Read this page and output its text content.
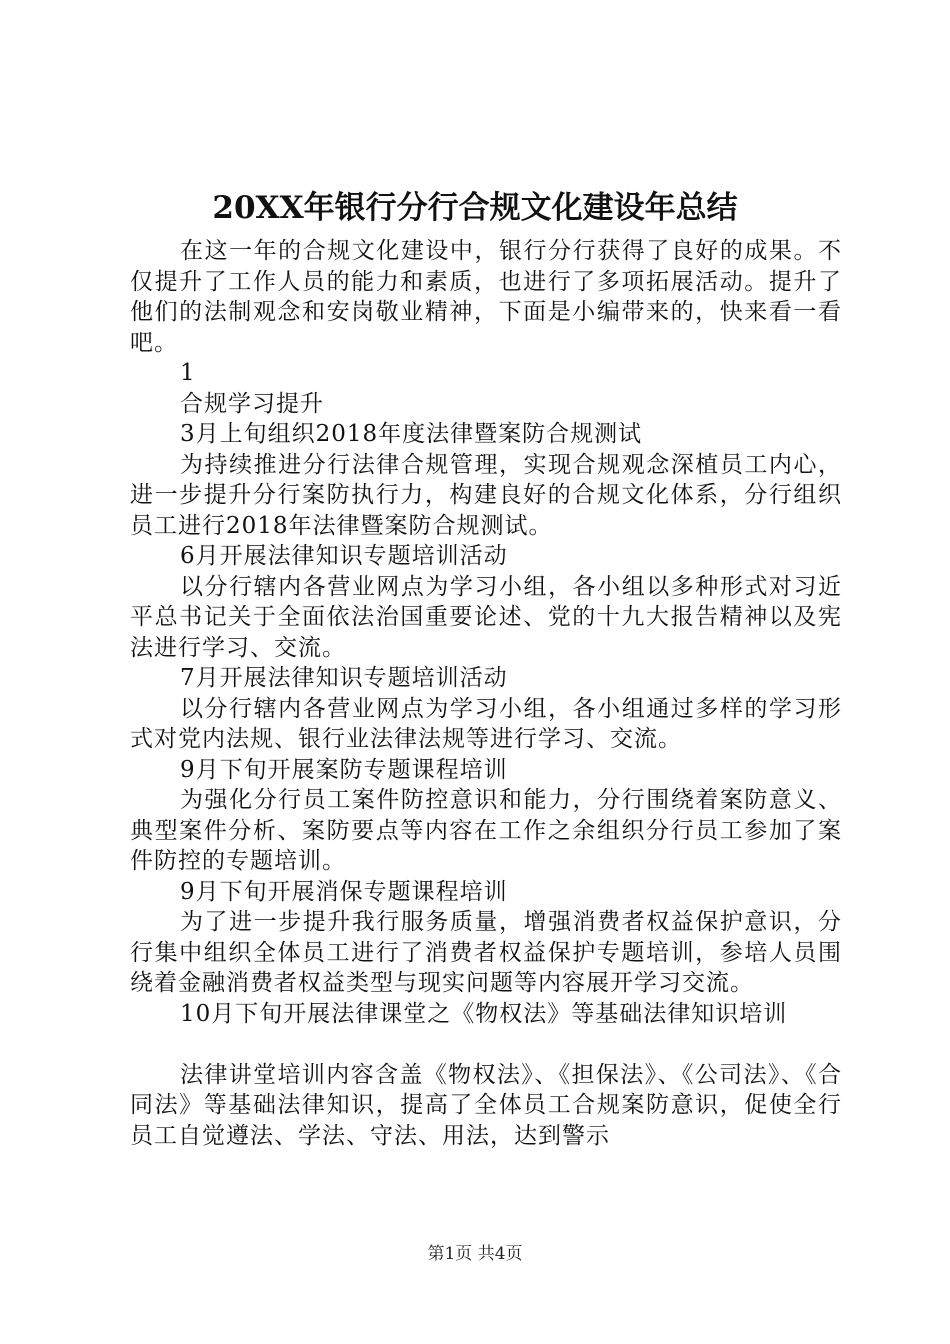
20XX年银行分行合规文化建设年总结

在这一年的合规文化建设中，银行分行获得了良好的成果。不仅提升了工作人员的能力和素质，也进行了多项拓展活动。提升了他们的法制观念和安岗敬业精神，下面是小编带来的，快来看一看吧。

1

合规学习提升

3月上旬组织2018年度法律暨案防合规测试

为持续推进分行法律合规管理，实现合规观念深植员工内心，进一步提升分行案防执行力，构建良好的合规文化体系，分行组织员工进行2018年法律暨案防合规测试。

6月开展法律知识专题培训活动

以分行辖内各营业网点为学习小组，各小组以多种形式对习近平总书记关于全面依法治国重要论述、党的十九大报告精神以及宪法进行学习、交流。

7月开展法律知识专题培训活动

以分行辖内各营业网点为学习小组，各小组通过多样的学习形式对党内法规、银行业法律法规等进行学习、交流。

9月下旬开展案防专题课程培训

为强化分行员工案件防控意识和能力，分行围绕着案防意义、典型案件分析、案防要点等内容在工作之余组织分行员工参加了案件防控的专题培训。

9月下旬开展消保专题课程培训

为了进一步提升我行服务质量，增强消费者权益保护意识，分行集中组织全体员工进行了消费者权益保护专题培训，参培人员围绕着金融消费者权益类型与现实问题等内容展开学习交流。

10月下旬开展法律课堂之《物权法》等基础法律知识培训

法律讲堂培训内容含盖《物权法》、《担保法》、《公司法》、《合同法》等基础法律知识，提高了全体员工合规案防意识，促使全行员工自觉遵法、学法、守法、用法，达到警示

第1页 共4页
